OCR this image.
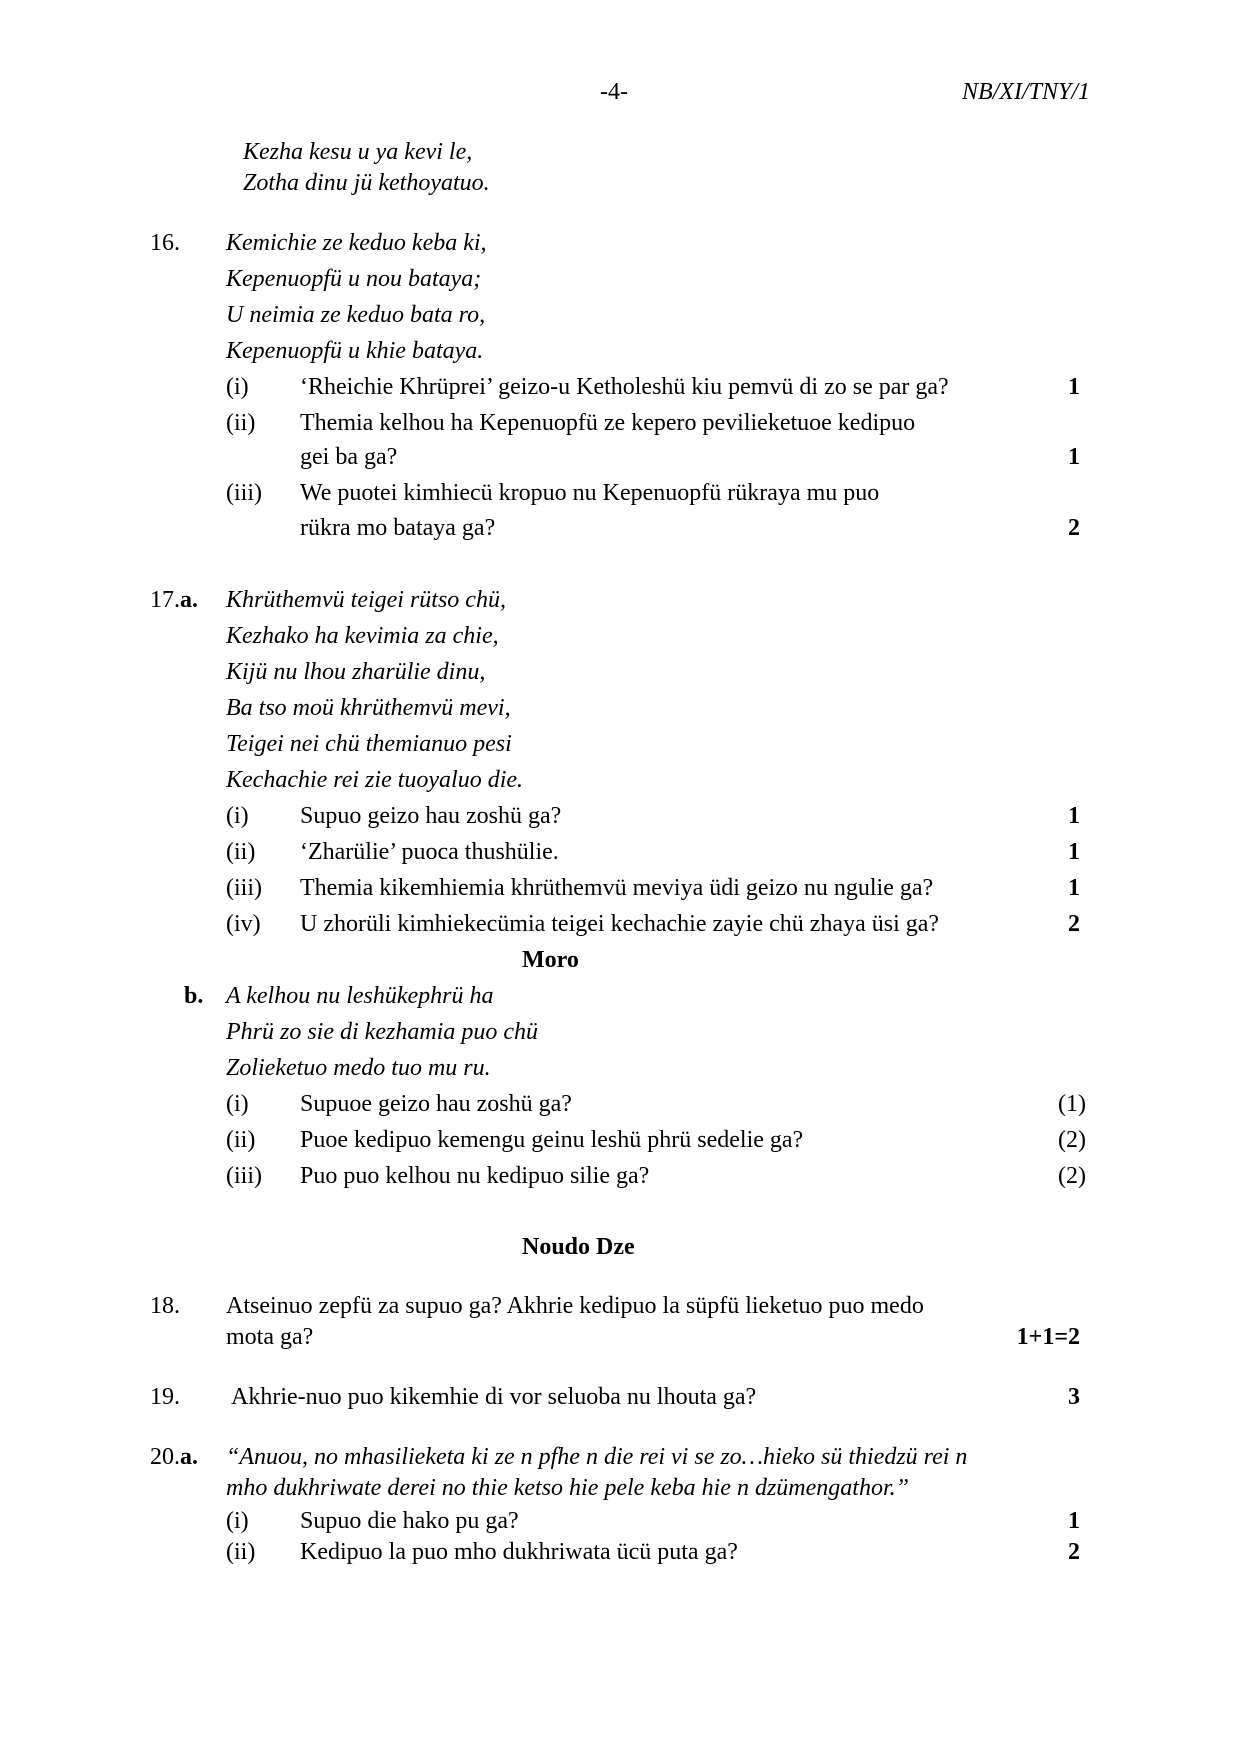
-4-	NB/XI/TNY/1
Kezha kesu u ya kevi le,
Zotha dinu jü kethoyatuo.
16. Kemichie ze keduo keba ki,
Kepenuopfü u nou bataya;
U neimia ze keduo bata ro,
Kepenuopfü u khie bataya.
(i) ‘Rheichie Khrüprei’ geizo-u Ketholeshü kiu pemvü di zo se par ga?	1
(ii) Themia kelhou ha Kepenuopfü ze kepero pevilieketuoe kedipuo
gei ba ga?	1
(iii) We puotei kimhiecü kropuo nu Kepenuopfü rükraya mu puo
rükra mo bataya ga?	2
17.a. Khrüthemvü teigei rütso chü,
Kezhako ha kevimia za chie,
Kijü nu lhou zharülie dinu,
Ba tso moü khrüthemvü mevi,
Teigei nei chü themianuo pesi
Kechachie rei zie tuoyaluo die.
(i) Supuo geizo hau zoshü ga?	1
(ii) ‘Zharülie’ puoca thushülie.	1
(iii) Themia kikemhiemia khrüthemvü meviya üdi geizo nu ngulie ga?	1
(iv) U zhorüli kimhiekecümia teigei kechachie zayie chü zhaya üsi ga?	2
Moro
b. A kelhou nu leshükephrü ha
Phrü zo sie di kezhamia puo chü
Zolieketuo medo tuo mu ru.
(i) Supuoe geizo hau zoshü ga?	(1)
(ii) Puoe kedipuo kemengu geinu leshü phrü sedelie ga?	(2)
(iii) Puo puo kelhou nu kedipuo silie ga?	(2)
Noudo Dze
18. Atseinuo zepfü za supuo ga? Akhrie kedipuo la süpfü lieketuo puo medo
mota ga?	1+1=2
19. Akhrie-nuo puo kikemhie di vor seluoba nu lhouta ga?	3
20.a. “Anuou, no mhasilieketa ki ze n pfhe n die rei vi se zo…hieko sü thiedzü rei n
mho dukhriwate derei no thie ketso hie pele keba hie n dzümengathor.”
(i) Supuo die hako pu ga?	1
(ii) Kedipuo la puo mho dukhriwata ücü puta ga?	2
